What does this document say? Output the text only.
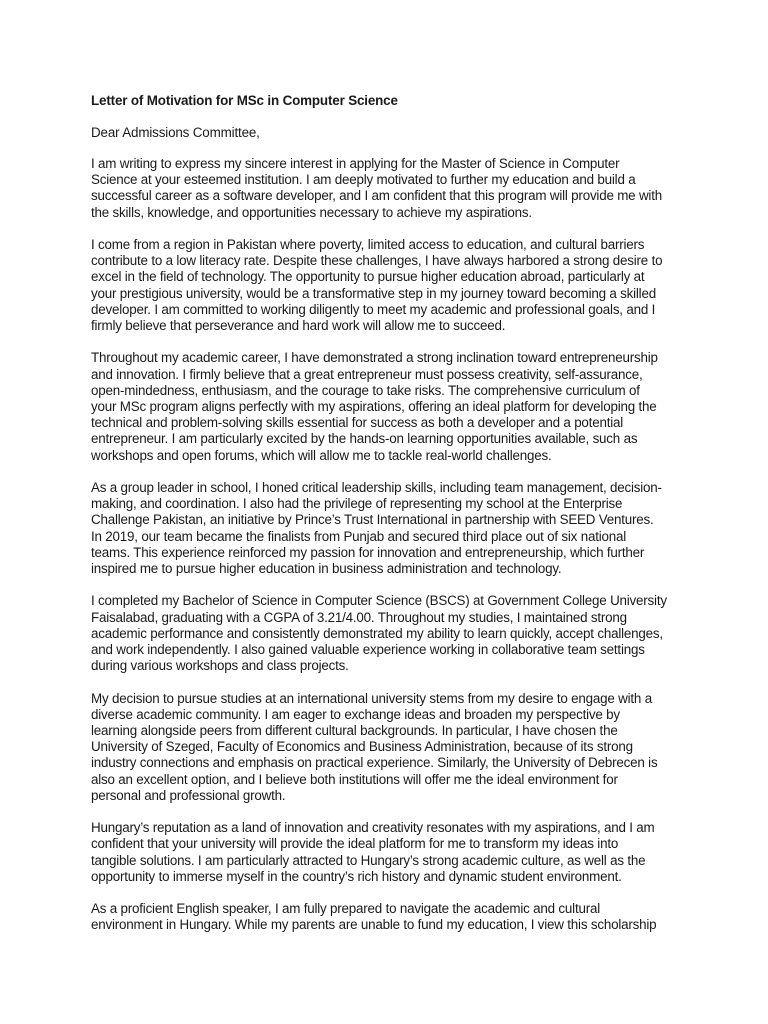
Letter of Motivation for MSc in Computer Science
Dear Admissions Committee,
I am writing to express my sincere interest in applying for the Master of Science in Computer
Science at your esteemed institution. I am deeply motivated to further my education and build a
successful career as a software developer, and I am confident that this program will provide me with
the skills, knowledge, and opportunities necessary to achieve my aspirations.
I come from a region in Pakistan where poverty, limited access to education, and cultural barriers
contribute to a low literacy rate. Despite these challenges, I have always harbored a strong desire to
excel in the field of technology. The opportunity to pursue higher education abroad, particularly at
your prestigious university, would be a transformative step in my journey toward becoming a skilled
developer. I am committed to working diligently to meet my academic and professional goals, and I
firmly believe that perseverance and hard work will allow me to succeed.
Throughout my academic career, I have demonstrated a strong inclination toward entrepreneurship
and innovation. I firmly believe that a great entrepreneur must possess creativity, self-assurance,
open-mindedness, enthusiasm, and the courage to take risks. The comprehensive curriculum of
your MSc program aligns perfectly with my aspirations, offering an ideal platform for developing the
technical and problem-solving skills essential for success as both a developer and a potential
entrepreneur. I am particularly excited by the hands-on learning opportunities available, such as
workshops and open forums, which will allow me to tackle real-world challenges.
As a group leader in school, I honed critical leadership skills, including team management, decision-
making, and coordination. I also had the privilege of representing my school at the Enterprise
Challenge Pakistan, an initiative by Prince’s Trust International in partnership with SEED Ventures.
In 2019, our team became the finalists from Punjab and secured third place out of six national
teams. This experience reinforced my passion for innovation and entrepreneurship, which further
inspired me to pursue higher education in business administration and technology.
I completed my Bachelor of Science in Computer Science (BSCS) at Government College University
Faisalabad, graduating with a CGPA of 3.21/4.00. Throughout my studies, I maintained strong
academic performance and consistently demonstrated my ability to learn quickly, accept challenges,
and work independently. I also gained valuable experience working in collaborative team settings
during various workshops and class projects.
My decision to pursue studies at an international university stems from my desire to engage with a
diverse academic community. I am eager to exchange ideas and broaden my perspective by
learning alongside peers from different cultural backgrounds. In particular, I have chosen the
University of Szeged, Faculty of Economics and Business Administration, because of its strong
industry connections and emphasis on practical experience. Similarly, the University of Debrecen is
also an excellent option, and I believe both institutions will offer me the ideal environment for
personal and professional growth.
Hungary’s reputation as a land of innovation and creativity resonates with my aspirations, and I am
confident that your university will provide the ideal platform for me to transform my ideas into
tangible solutions. I am particularly attracted to Hungary’s strong academic culture, as well as the
opportunity to immerse myself in the country’s rich history and dynamic student environment.
As a proficient English speaker, I am fully prepared to navigate the academic and cultural
environment in Hungary. While my parents are unable to fund my education, I view this scholarship
